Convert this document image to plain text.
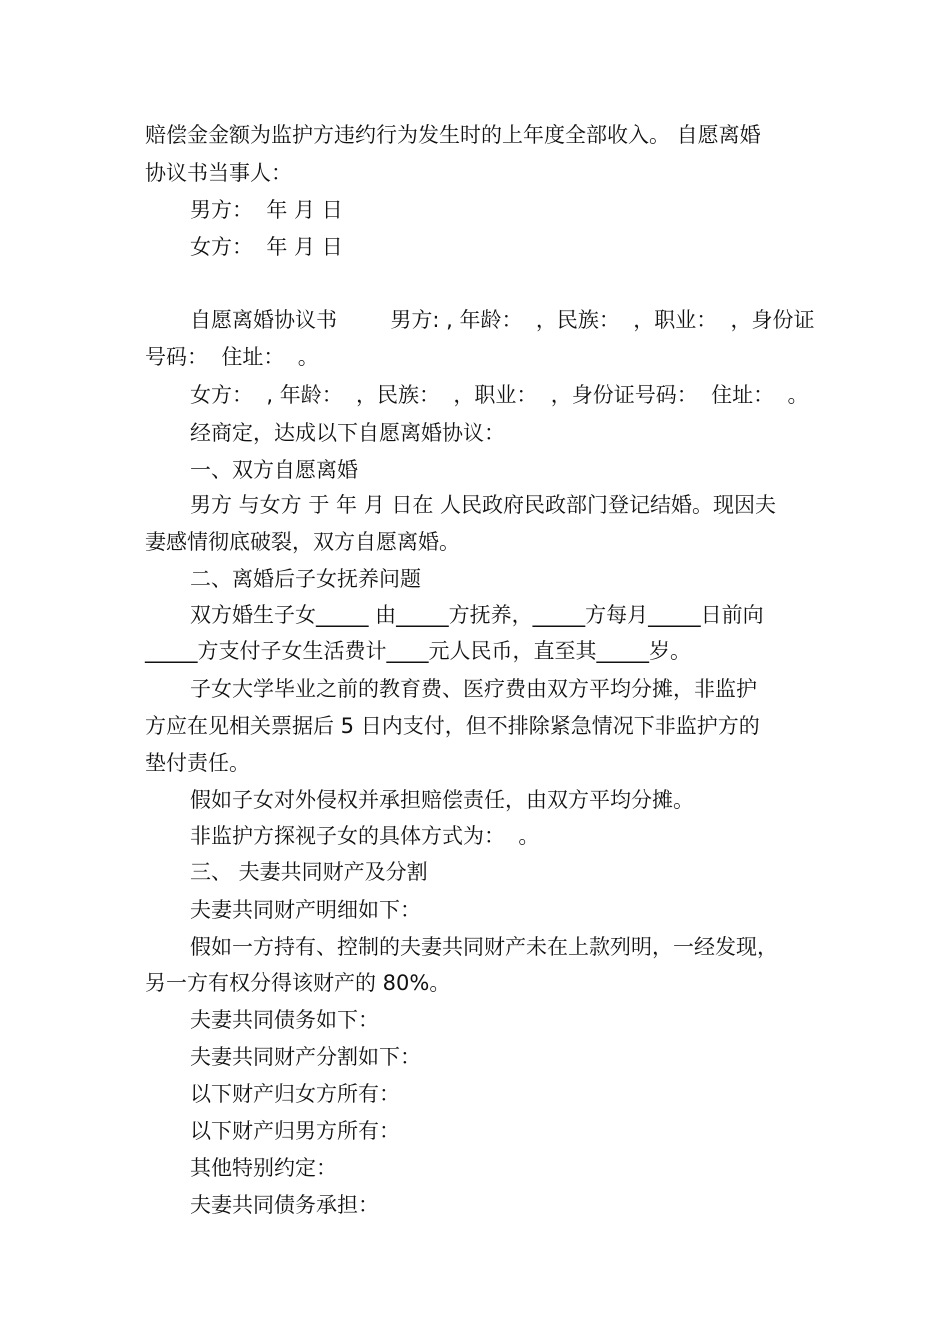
赔偿金金额为监护方违约行为发生时的上年度全部收入。 自愿离婚
协议书当事人：
男方：  年 月 日
女方：  年 月 日
自愿离婚协议书        男方: , 年龄：  ，民族：  ，职业：  ，身份证
号码：  住址：  。
女方：  , 年龄：  ，民族：  ，职业：  ，身份证号码：  住址：  。
经商定，达成以下自愿离婚协议：
一、双方自愿离婚
男方 与女方 于 年 月 日在 人民政府民政部门登记结婚。现因夫
妻感情彻底破裂，双方自愿离婚。
二、离婚后子女抚养问题
双方婚生子女_____ 由_____方抚养，_____方每月_____日前向
_____方支付子女生活费计____元人民币，直至其_____岁。
子女大学毕业之前的教育费、医疗费由双方平均分摊，非监护
方应在见相关票据后 5 日内支付，但不排除紧急情况下非监护方的
垫付责任。
假如子女对外侵权并承担赔偿责任，由双方平均分摊。
非监护方探视子女的具体方式为：  。
三、 夫妻共同财产及分割
夫妻共同财产明细如下：
假如一方持有、控制的夫妻共同财产未在上款列明，一经发现，
另一方有权分得该财产的 80%。
夫妻共同债务如下：
夫妻共同财产分割如下：
以下财产归女方所有：
以下财产归男方所有：
其他特别约定：
夫妻共同债务承担：
